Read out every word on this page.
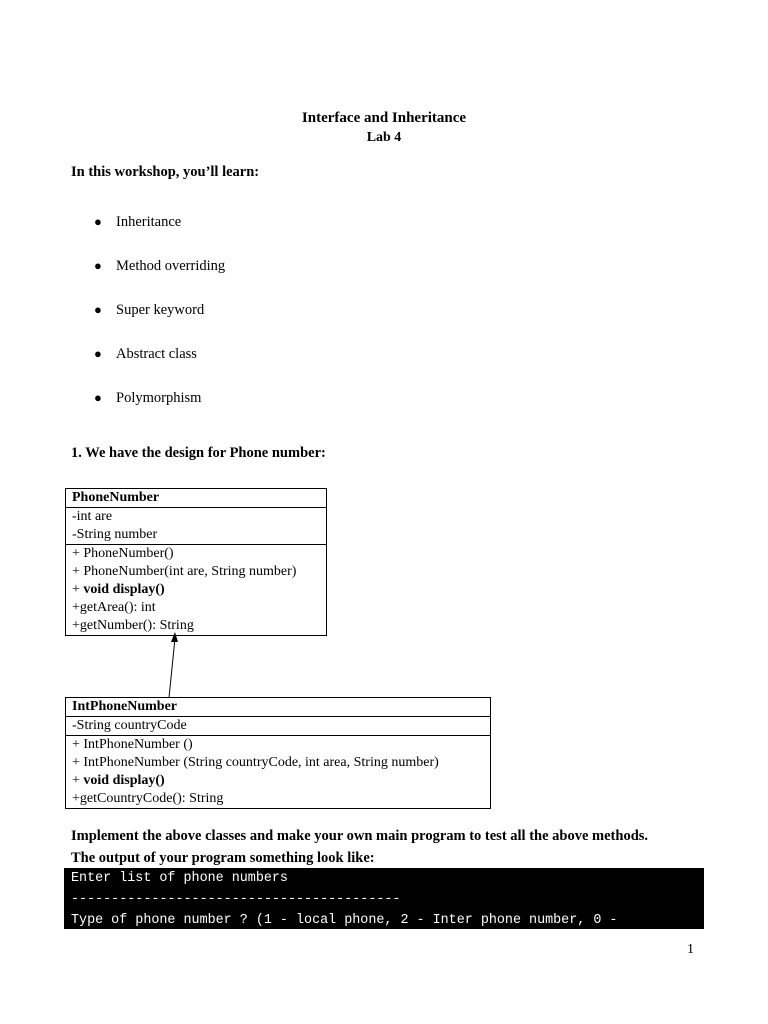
Interface and Inheritance
Lab 4
In this workshop, you’ll learn:
● Inheritance
● Method overriding
● Super keyword
● Abstract class
● Polymorphism
1. We have the design for Phone number:
PhoneNumber
-int are
-String number
+ PhoneNumber()
+ PhoneNumber(int are, String number)
+ void display()
+getArea(): int
+getNumber(): String
IntPhoneNumber
-String countryCode
+ IntPhoneNumber ()
+ IntPhoneNumber (String countryCode, int area, String number)
+ void display()
+getCountryCode(): String
Implement the above classes and make your own main program to test all the above methods.
The output of your program something look like:
Enter list of phone numbers
-----------------------------------------
Type of phone number ? (1 - local phone, 2 - Inter phone number, 0 -
1
